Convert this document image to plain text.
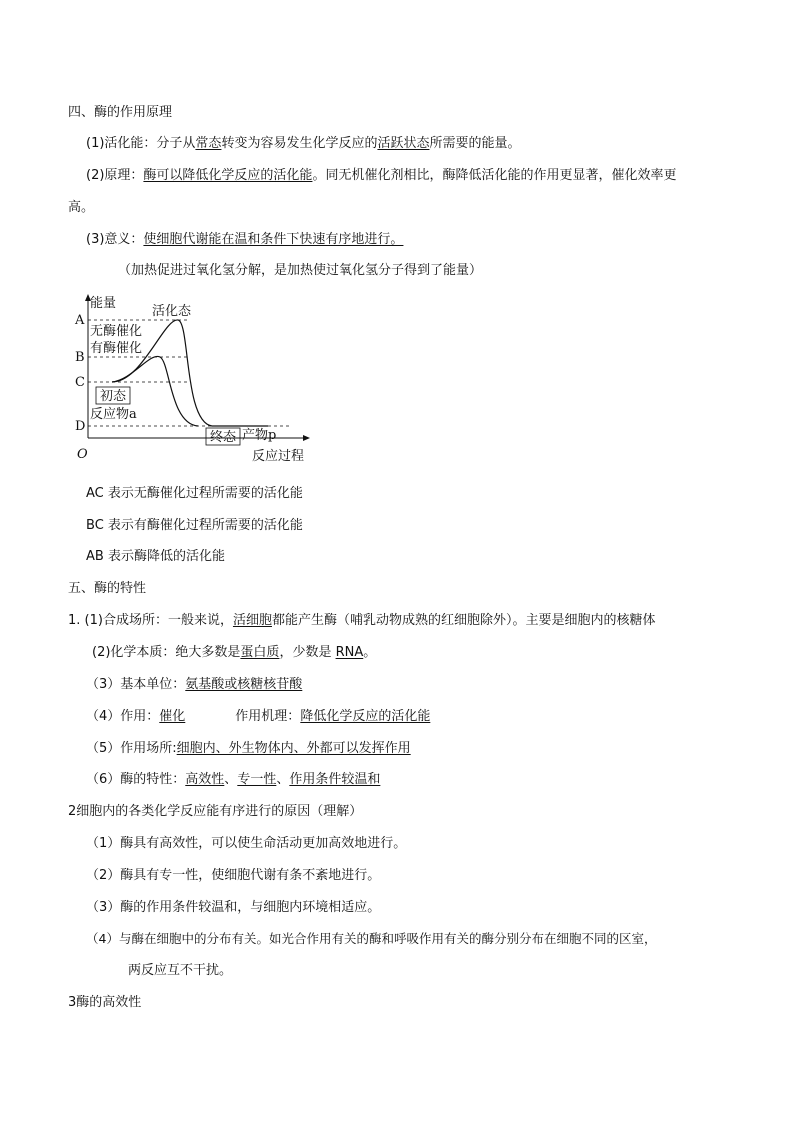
四、酶的作用原理
(1)活化能：分子从常态转变为容易发生化学反应的活跃状态所需要的能量。
(2)原理：酶可以降低化学反应的活化能。同无机催化剂相比，酶降低活化能的作用更显著，催化效率更
高。
(3)意义：使细胞代谢能在温和条件下快速有序地进行。
（加热促进过氧化氢分解，是加热使过氧化氢分子得到了能量）
A
B
C
D
O
能量
反应过程
活化态
无酶催化
有酶催化
初态
反应物a
终态 产物p
AC 表示无酶催化过程所需要的活化能
BC 表示有酶催化过程所需要的活化能
AB 表示酶降低的活化能
五、酶的特性
1. (1)合成场所：一般来说，活细胞都能产生酶（哺乳动物成熟的红细胞除外）。主要是细胞内的核糖体
(2)化学本质：绝大多数是蛋白质，少数是 RNA。
（3）基本单位：氨基酸或核糖核苷酸
（4）作用：催化	作用机理：降低化学反应的活化能
（5）作用场所:细胞内、外生物体内、外都可以发挥作用
（6）酶的特性：高效性、专一性、作用条件较温和
2细胞内的各类化学反应能有序进行的原因（理解）
（1）酶具有高效性，可以使生命活动更加高效地进行。
（2）酶具有专一性，使细胞代谢有条不紊地进行。
（3）酶的作用条件较温和，与细胞内环境相适应。
（4）与酶在细胞中的分布有关。如光合作用有关的酶和呼吸作用有关的酶分别分布在细胞不同的区室，
两反应互不干扰。
3酶的高效性
